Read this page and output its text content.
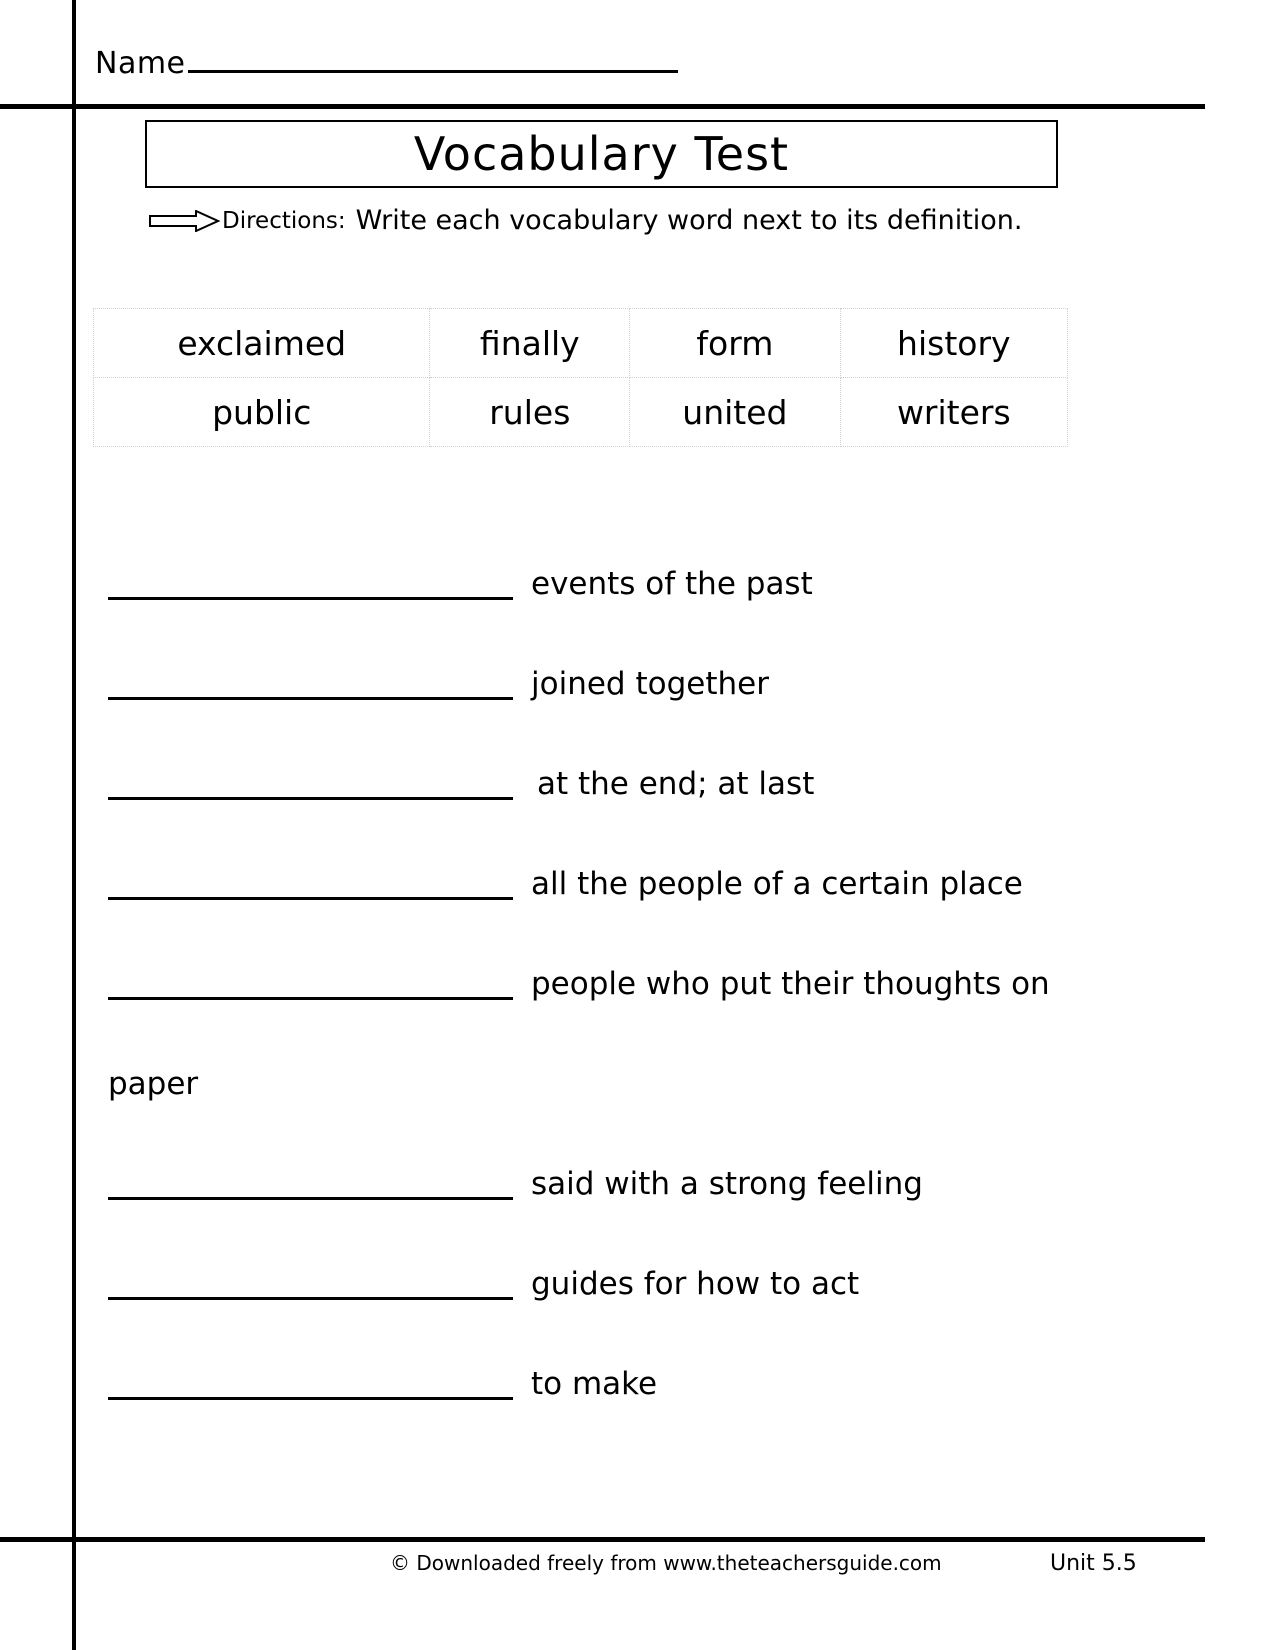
Name
Vocabulary Test
Directions: Write each vocabulary word next to its definition.
exclaimed	finally	form	history
public	rules	united	writers
events of the past
joined together
at the end; at last
all the people of a certain place
people who put their thoughts on
paper
said with a strong feeling
guides for how to act
to make
© Downloaded freely from www.theteachersguide.com	Unit 5.5
